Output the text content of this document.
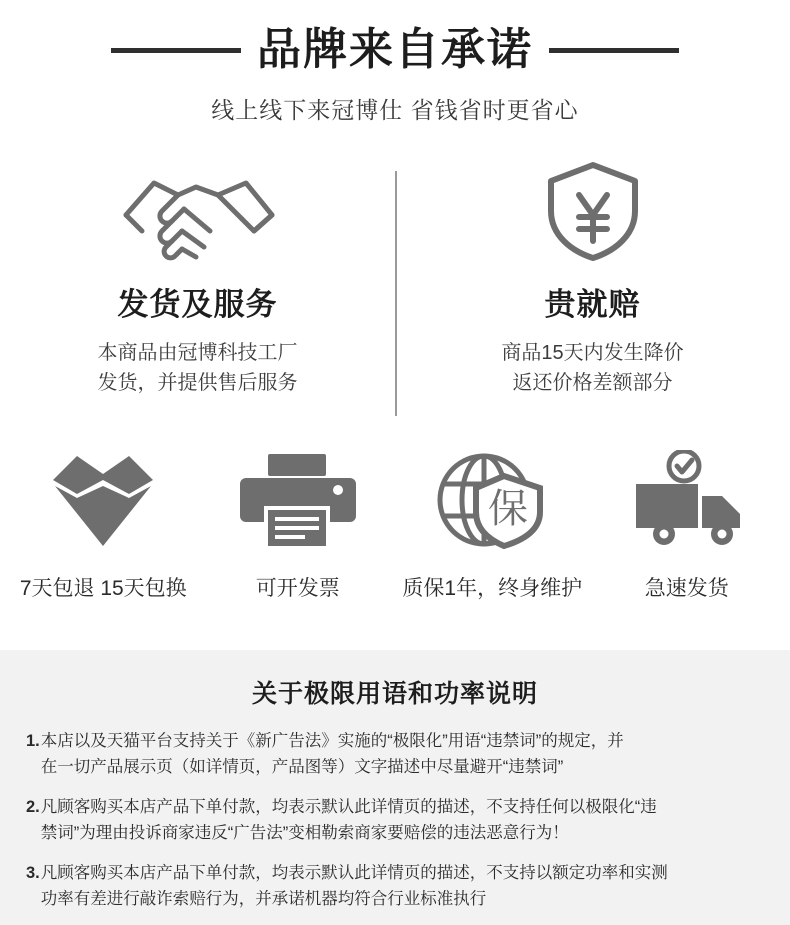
品牌来自承诺
线上线下来冠博仕 省钱省时更省心
发货及服务
本商品由冠博科技工厂
发货，并提供售后服务
贵就赔
商品15天内发生降价
返还价格差额部分
7天包退 15天包换	可开发票
保
质保1年，终身维护	急速发货
关于极限用语和功率说明
1. 本店以及天猫平台支持关于《新广告法》实施的“极限化”用语“违禁词”的规定，并
在一切产品展示页（如详情页，产品图等）文字描述中尽量避开“违禁词”
2. 凡顾客购买本店产品下单付款，均表示默认此详情页的描述，不支持任何以极限化“违
禁词”为理由投诉商家违反“广告法”变相勒索商家要赔偿的违法恶意行为！
3. 凡顾客购买本店产品下单付款，均表示默认此详情页的描述，不支持以额定功率和实测
功率有差进行敲诈索赔行为，并承诺机器均符合行业标准执行
